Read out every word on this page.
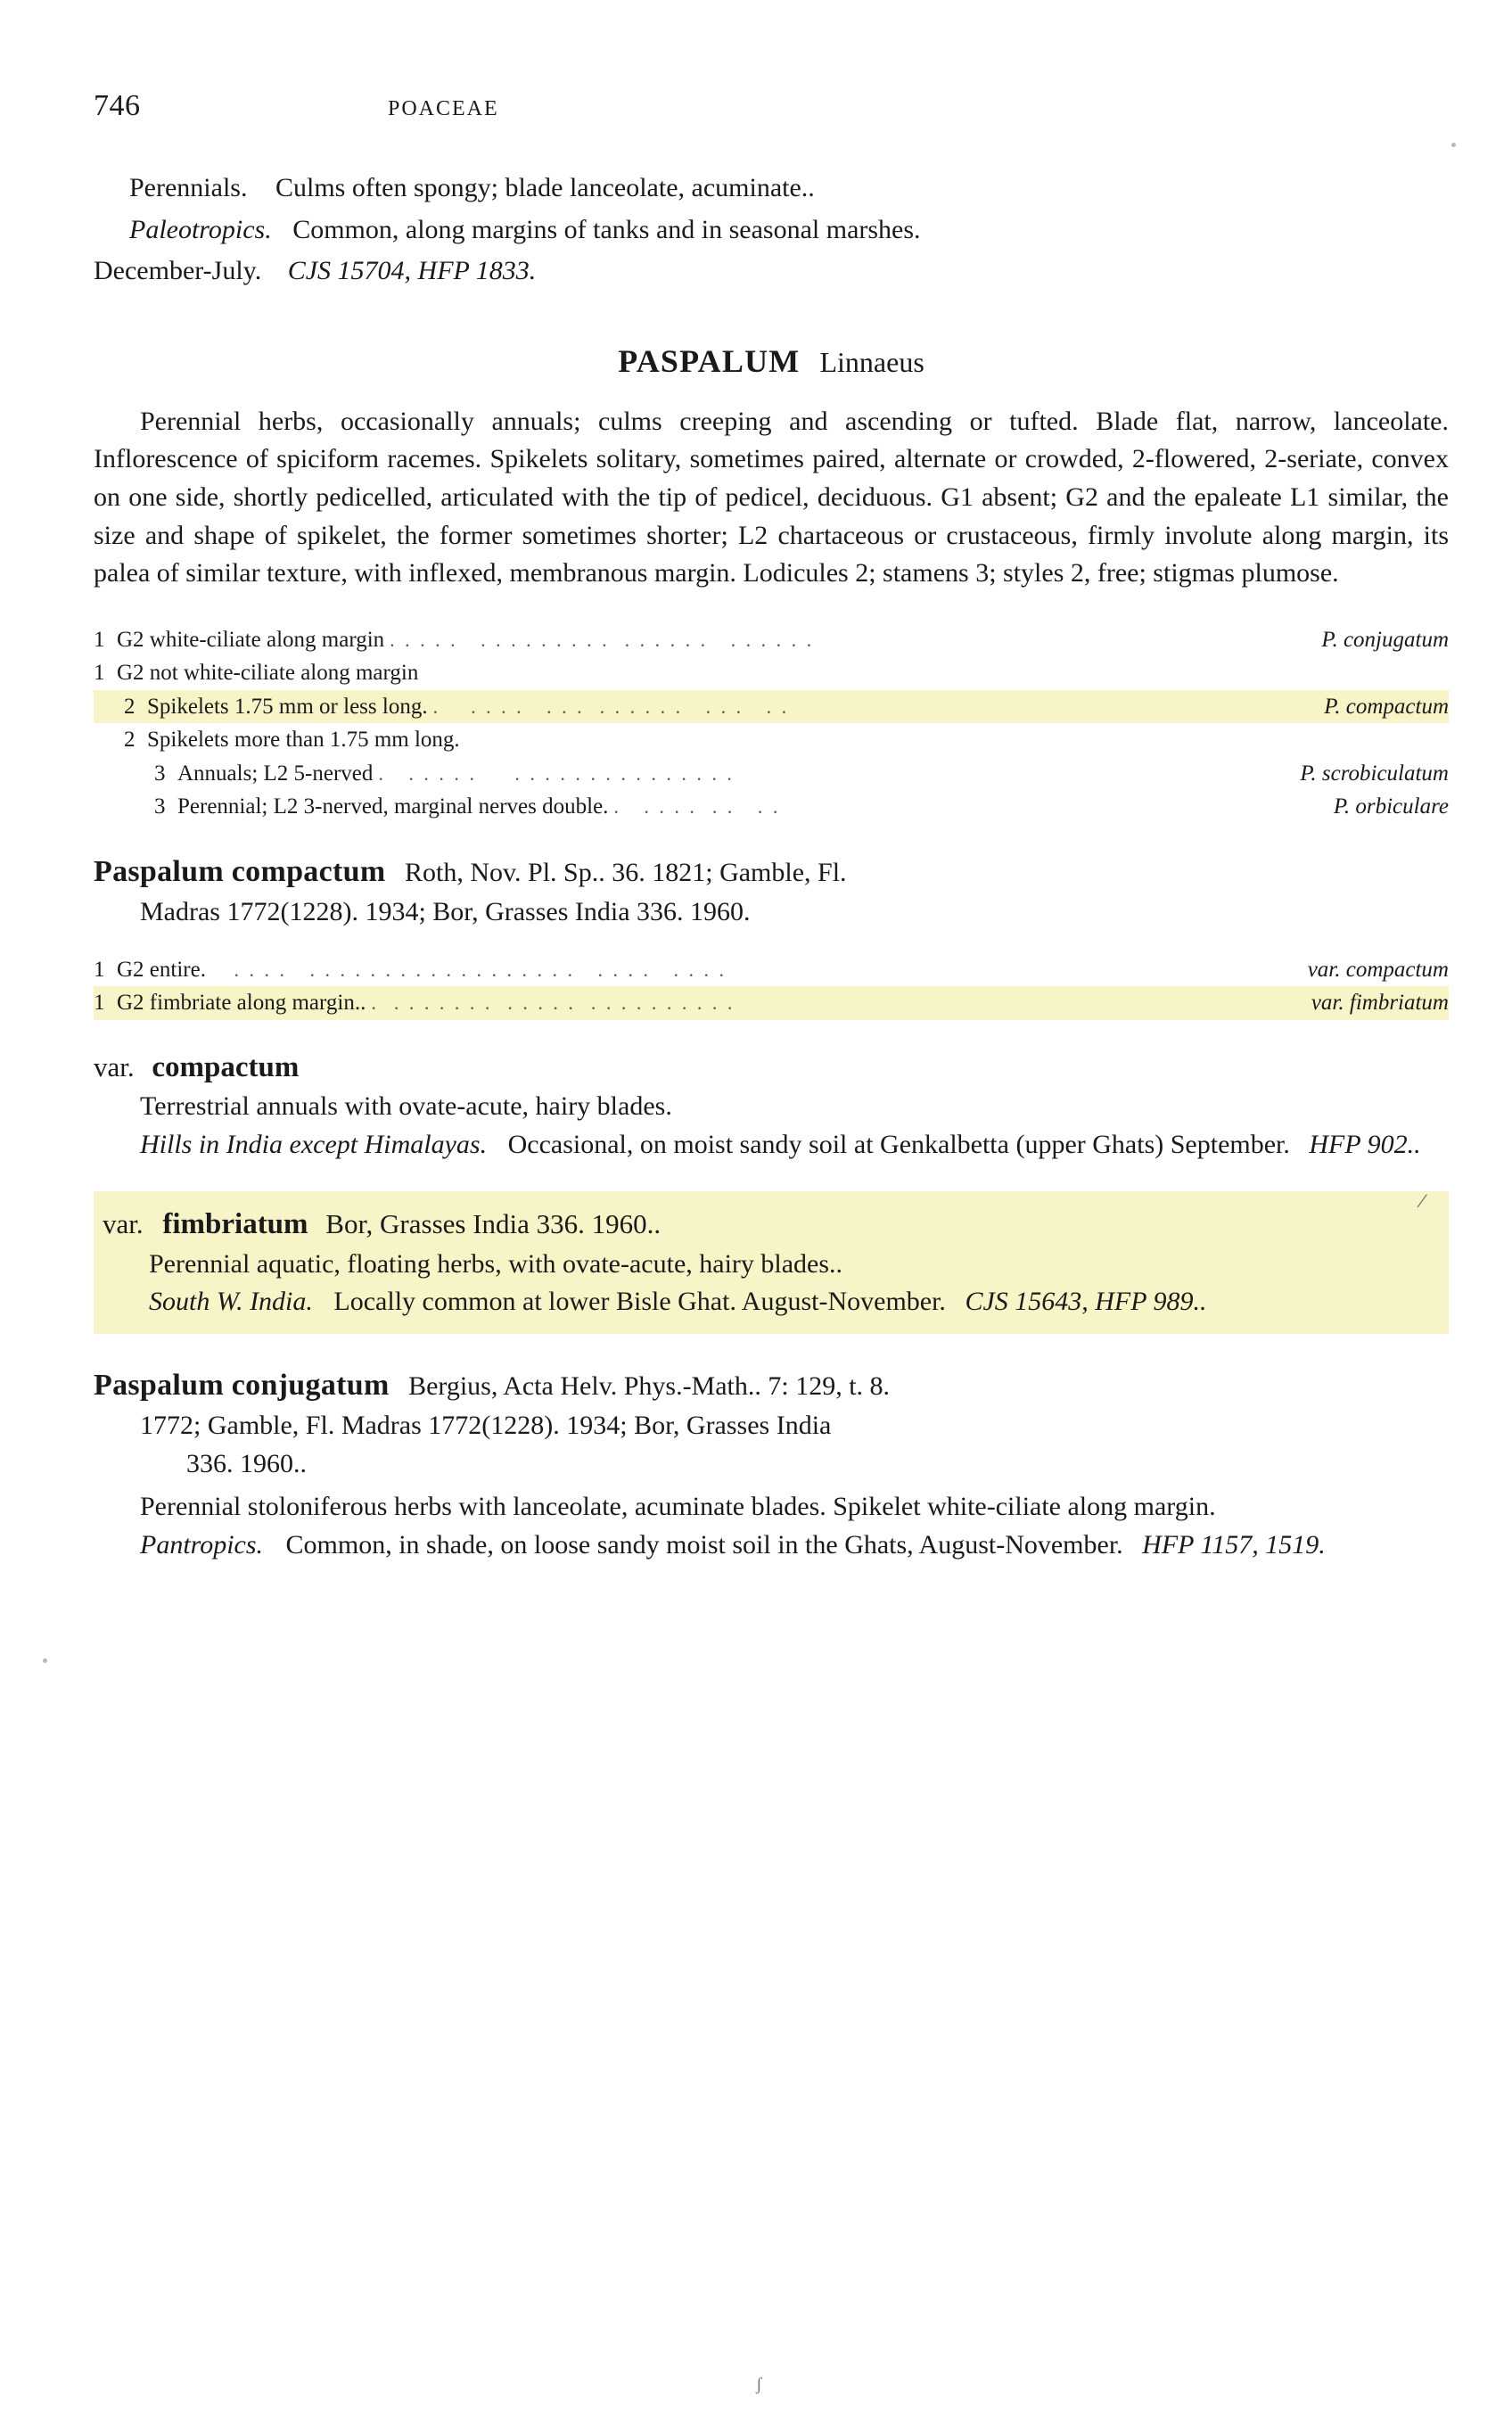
746	POACEAE

Perennials. Culms often spongy; blade lanceolate, acuminate..

Paleotropics. Common, along margins of tanks and in seasonal marshes.

December-July. CJS 15704, HFP 1833.

PASPALUM Linnaeus

Perennial herbs, occasionally annuals; culms creeping and ascending or tufted. Blade flat, narrow, lanceolate. Inflorescence of spiciform racemes. Spikelets solitary, sometimes paired, alternate or crowded, 2-flowered, 2-seriate, convex on one side, shortly pedicelled, articulated with the tip of pedicel, deciduous. G1 absent; G2 and the epaleate L1 similar, the size and shape of spikelet, the former sometimes shorter; L2 chartaceous or crustaceous, firmly involute along margin, its palea of similar texture, with inflexed, membranous margin. Lodicules 2; stamens 3; styles 2, free; stigmas plumose.

1 G2 white-ciliate along margin . . . . .   . . . . . . . . .  . . . . . .   . . . . . .	P. conjugatum
1 G2 not white-ciliate along margin
2 Spikelets 1.75 mm or less long. .    . . . .   . . .  . . . . . .   . . .   . .	P. compactum
2 Spikelets more than 1.75 mm long.
3 Annuals; L2 5-nerved .   . . . . .     . . . . . . . . . . . . . . .	P. scrobiculatum
3 Perennial; L2 3-nerved, marginal nerves double. .   . . . .  . .   . .	P. orbiculare

Paspalum compactum Roth, Nov. Pl. Sp.. 36. 1821; Gamble, Fl.

Madras 1772(1228). 1934; Bor, Grasses India 336. 1960.

1 G2 entire. . . . .   . . . . . . . . . . . . . . . . . .   . . . .   . . . .	var. compactum
1 G2 fimbriate along margin.. .  . . . . . . .  . . . . .  . . . . . . . . . .	var. fimbriatum

var. compactum

Terrestrial annuals with ovate-acute, hairy blades.

Hills in India except Himalayas. Occasional, on moist sandy soil at Genkalbetta (upper Ghats) September. HFP 902..

⁄

var. fimbriatum Bor, Grasses India 336. 1960..

Perennial aquatic, floating herbs, with ovate-acute, hairy blades..

South W. India. Locally common at lower Bisle Ghat. August-November. CJS 15643, HFP 989..

Paspalum conjugatum Bergius, Acta Helv. Phys.-Math.. 7: 129, t. 8.

1772; Gamble, Fl. Madras 1772(1228). 1934; Bor, Grasses India

336. 1960..

Perennial stoloniferous herbs with lanceolate, acuminate blades. Spikelet white-ciliate along margin.

Pantropics. Common, in shade, on loose sandy moist soil in the Ghats, August-November. HFP 1157, 1519.

ʃ
